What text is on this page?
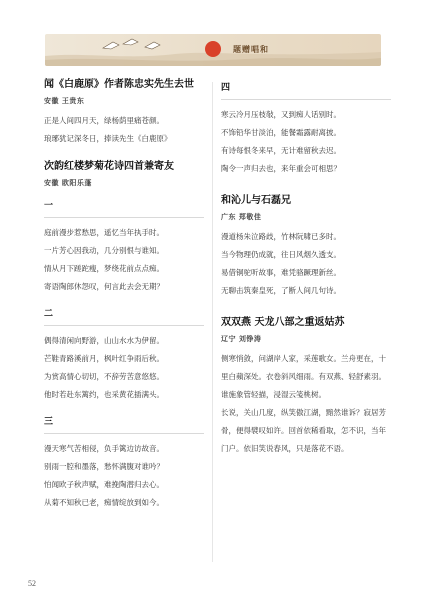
题赠唱和
闻《白鹿原》作者陈忠实先生去世
安徽 王贵东
正是人间四月天，绿杨荫里痛苍颜。
琅琊犹记深冬日，捧读先生《白鹿原》
次韵红楼梦菊花诗四首兼寄友
安徽 欧阳乐蓬
一
庭前漫步惹愁思，遥忆当年执手时。
一片芳心因我动，几分别恨与谁知。
情从月下蹉跎瘦，梦绕花前点点痴。
寄语陶郎休怨叹，何言此去会无期？
二
偶得清闲向野游，山山水水为伊留。
芒鞋青路溪前月，枫叶红争雨后秋。
为赏高情心切切，不辞劳苦意悠悠。
他时若赴东篱约，也采黄花插满头。
三
漫天寒气苦相侵，负手篱边访故音。
别雨一腔和墨落，愁怀满腹对谁吟？
怕闻欧子秋声赋，难挽陶潜归去心。
从菊不知秋已老，痴情绽放到如今。
四
寒云冷月压枝敧，又到痴人话别时。
不饰铅华甘淡泊，能餐霜露耐离披。
有诗每恨冬来早，无计难留秋去迟。
陶令一声归去也，来年重会可相思？
和沁儿与石磊兄
广东 郑敬佳
漫道杨朱泣路歧，竹林阮啸已多时。
当今物理仍成就，往日风烟久透支。
易借铜驼听故事，难凭骆蹶理新丝。
无聊击筑秦皇死，了断人间几句诗。
双双燕 天龙八部之重返姑苏
辽宁 刘铮涛
侧寒悄敛，问湖岸人家，采莲歌女。兰舟更在，十里白蘋深处。衣卷斜风细雨。有双燕、轻舒素羽。谁施象管轻描，浸湿云笺桃树。
长说，关山几度，纵笑傲江湖，黯然谁诉？寂居芳骨，便得襞叹如许。回首依稀看取，怎不识，当年门户。依旧笑说春风，只是落花不语。
52
